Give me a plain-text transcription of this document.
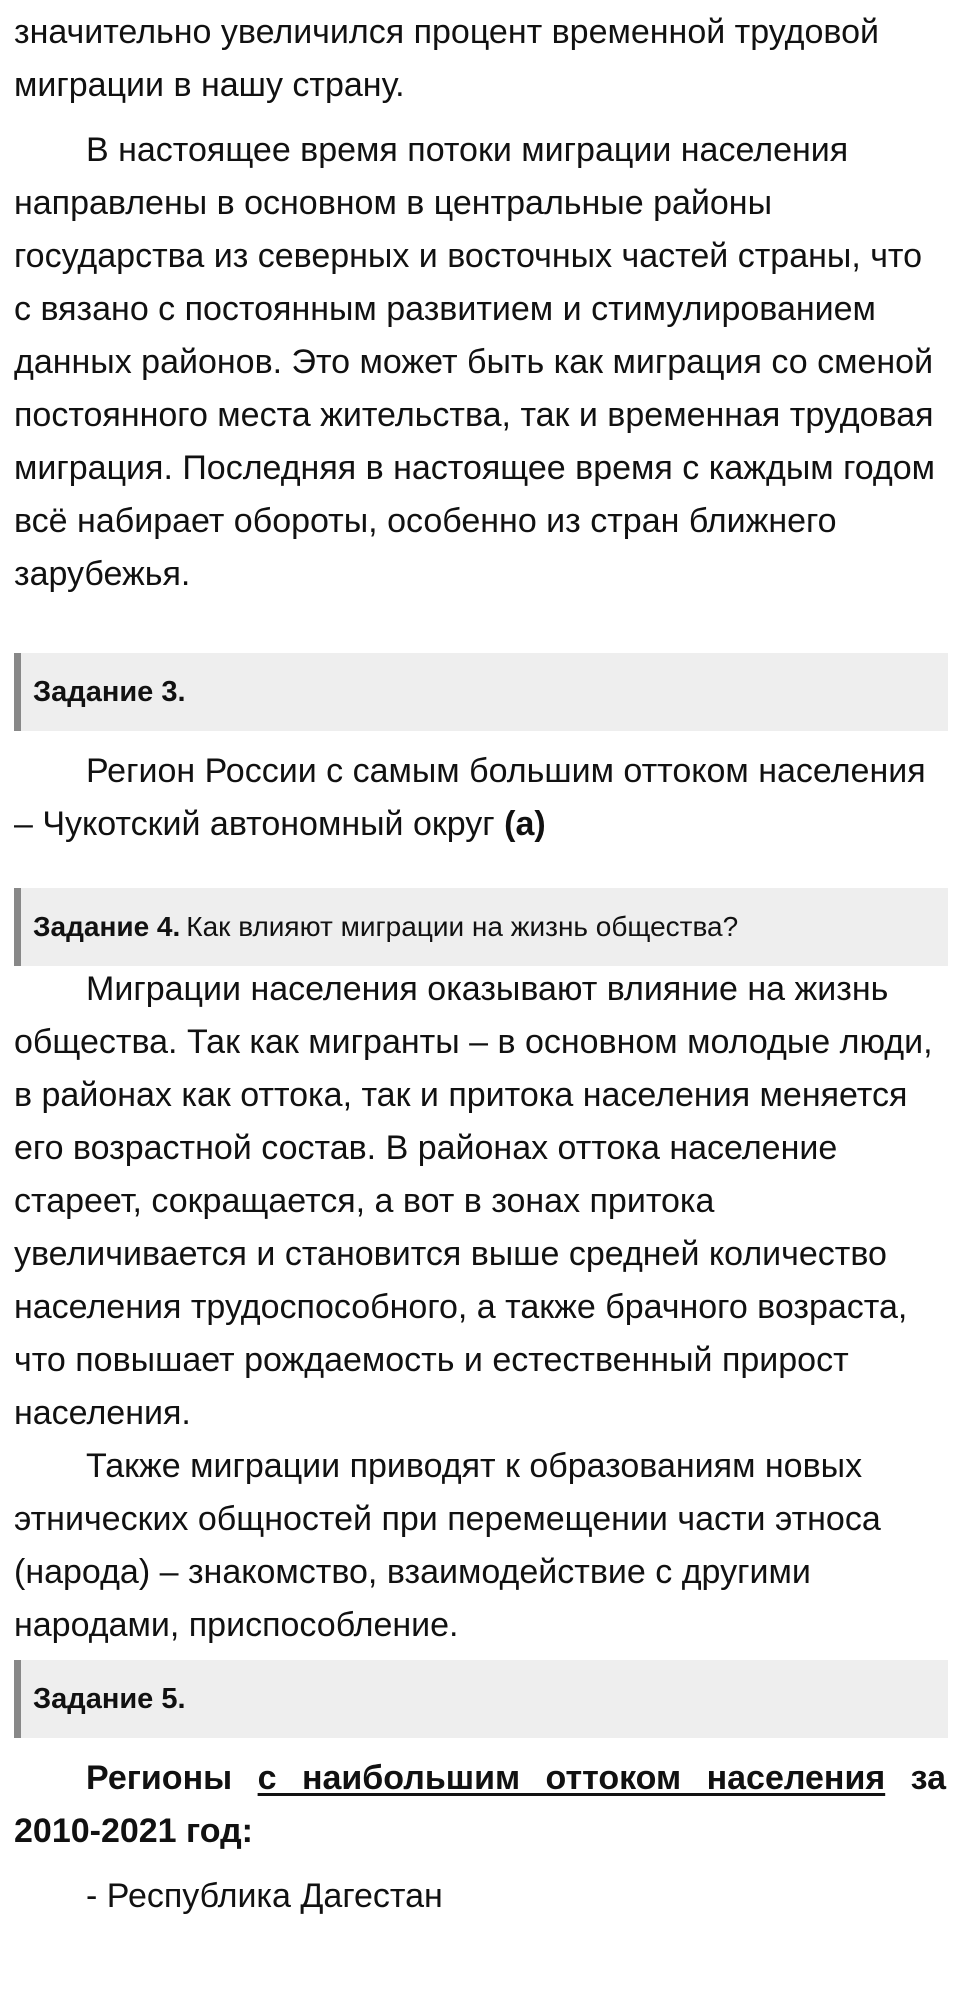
значительно увеличился процент временной трудовой миграции в нашу страну.

В настоящее время потоки миграции населения направлены в основном в центральные районы государства из северных и восточных частей страны, что с вязано с постоянным развитием и стимулированием данных районов. Это может быть как миграция со сменой постоянного места жительства, так и временная трудовая миграция. Последняя в настоящее время с каждым годом всё набирает обороты, особенно из стран ближнего зарубежья.

Задание 3.

Регион России с самым большим оттоком населения – Чукотский автономный округ (а)

Задание 4. Как влияют миграции на жизнь общества?

Миграции населения оказывают влияние на жизнь общества. Так как мигранты – в основном молодые люди, в районах как оттока, так и притока населения меняется его возрастной состав. В районах оттока население стареет, сокращается, а вот в зонах притока увеличивается и становится выше средней количество населения трудоспособного, а также брачного возраста, что повышает рождаемость и естественный прирост населения.

Также миграции приводят к образованиям новых этнических общностей при перемещении части этноса (народа) – знакомство, взаимодействие с другими народами, приспособление.

Задание 5.

Регионы с наибольшим оттоком населения за

2010-2021 год:

- Республика Дагестан
